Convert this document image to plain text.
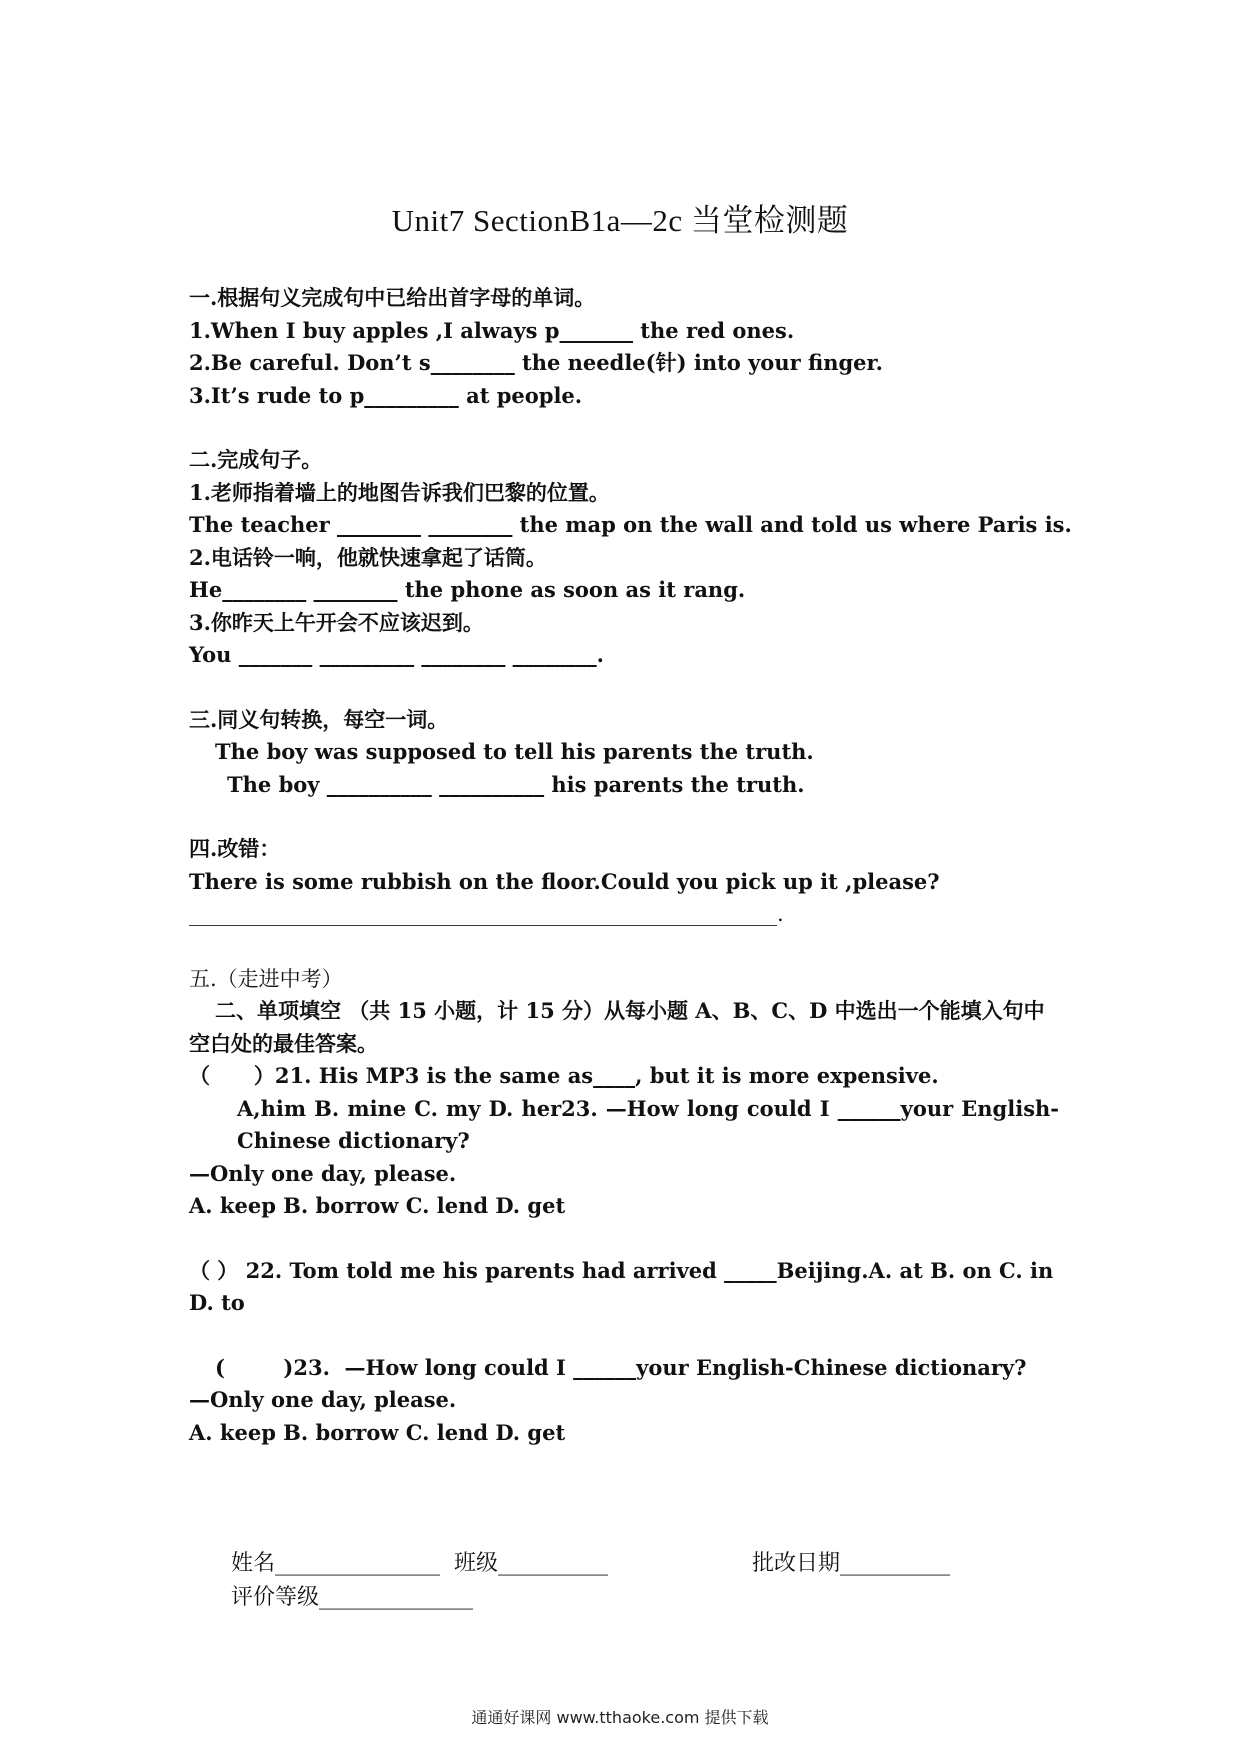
Unit7 SectionB1a—2c 当堂检测题

一.根据句义完成句中已给出首字母的单词。

1.When I buy apples ,I always p_______ the red ones.

2.Be careful. Don’t s________ the needle(针) into your finger.

3.It’s rude to p_________ at people.

二.完成句子。

1.老师指着墙上的地图告诉我们巴黎的位置。

The teacher ________ ________ the map on the wall and told us where Paris is.

2.电话铃一响，他就快速拿起了话筒。

He________ ________ the phone as soon as it rang.

3.你昨天上午开会不应该迟到。

You _______ _________ ________ ________.

三.同义句转换，每空一词。

The boy was supposed to tell his parents the truth.

The boy __________ __________ his parents the truth.

四.改错：

There is some rubbish on the floor.Could you pick up it ,please?

________________________________________________________.

五.（走进中考）

二、单项填空 （共 15 小题，计 15 分）从每小题 A、B、C、D 中选出一个能填入句中

空白处的最佳答案。

（      ）21. His MP3 is the same as____, but it is more expensive.

A,him B. mine C. my D. her23. —How long could I ______your English-Chinese dictionary?

—Only one day, please.

A. keep B. borrow C. lend D. get

（ ） 22. Tom told me his parents had arrived _____Beijing.A. at B. on C. in D. to

(        )23.  —How long could I ______your English-Chinese dictionary?

—Only one day, please.

A. keep B. borrow C. lend D. get

姓名_______________  班级__________

评价等级______________

批改日期__________

通通好课网 www.tthaoke.com 提供下载
